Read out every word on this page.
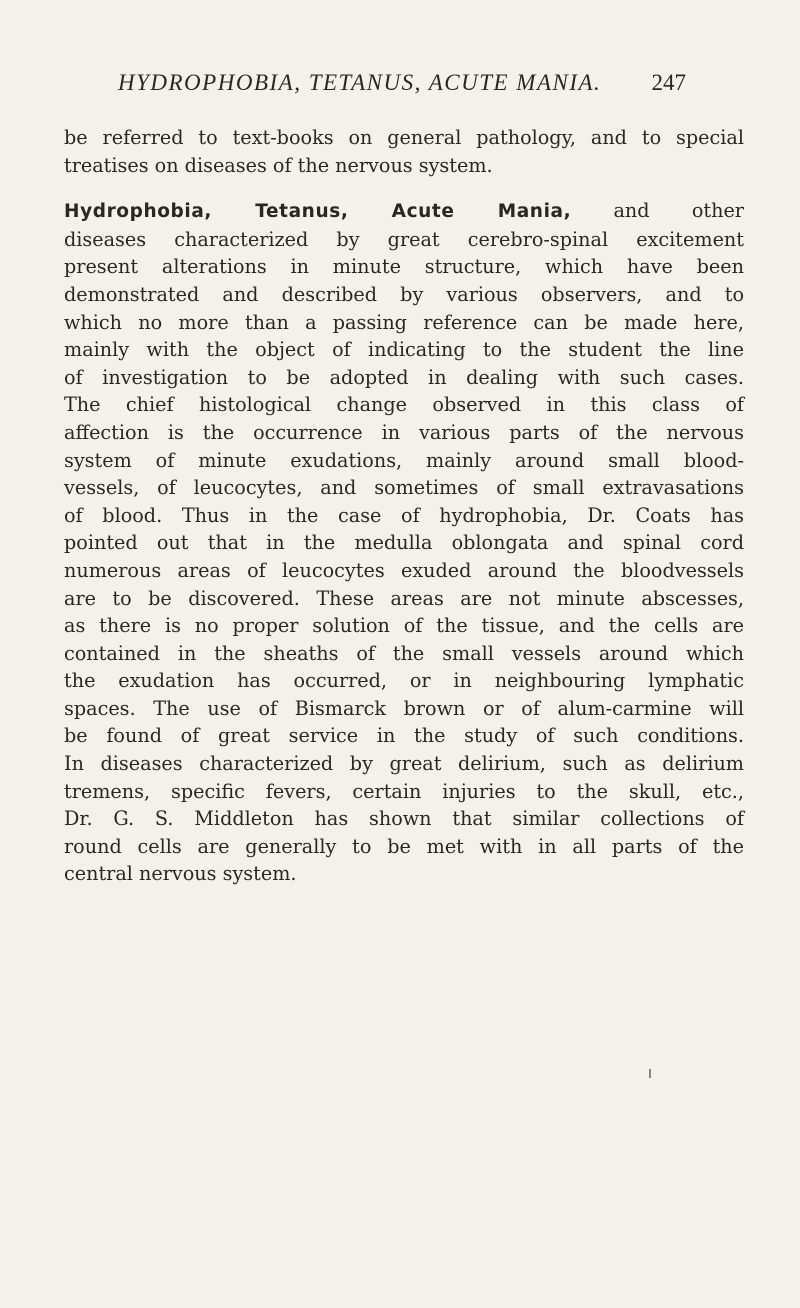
HYDROPHOBIA, TETANUS, ACUTE MANIA. 247

be referred to text-books on general pathology, and to special

treatises on diseases of the nervous system.

Hydrophobia, Tetanus, Acute Mania, and other

diseases characterized by great cerebro-spinal excitement

present alterations in minute structure, which have been

demonstrated and described by various observers, and to

which no more than a passing reference can be made here,

mainly with the object of indicating to the student the line

of investigation to be adopted in dealing with such cases.

The chief histological change observed in this class of

affection is the occurrence in various parts of the nervous

system of minute exudations, mainly around small blood-

vessels, of leucocytes, and sometimes of small extravasations

of blood. Thus in the case of hydrophobia, Dr. Coats has

pointed out that in the medulla oblongata and spinal cord

numerous areas of leucocytes exuded around the bloodvessels

are to be discovered. These areas are not minute abscesses,

as there is no proper solution of the tissue, and the cells are

contained in the sheaths of the small vessels around which

the exudation has occurred, or in neighbouring lymphatic

spaces. The use of Bismarck brown or of alum-carmine will

be found of great service in the study of such conditions.

In diseases characterized by great delirium, such as delirium

tremens, specific fevers, certain injuries to the skull, etc.,

Dr. G. S. Middleton has shown that similar collections of

round cells are generally to be met with in all parts of the

central nervous system.
